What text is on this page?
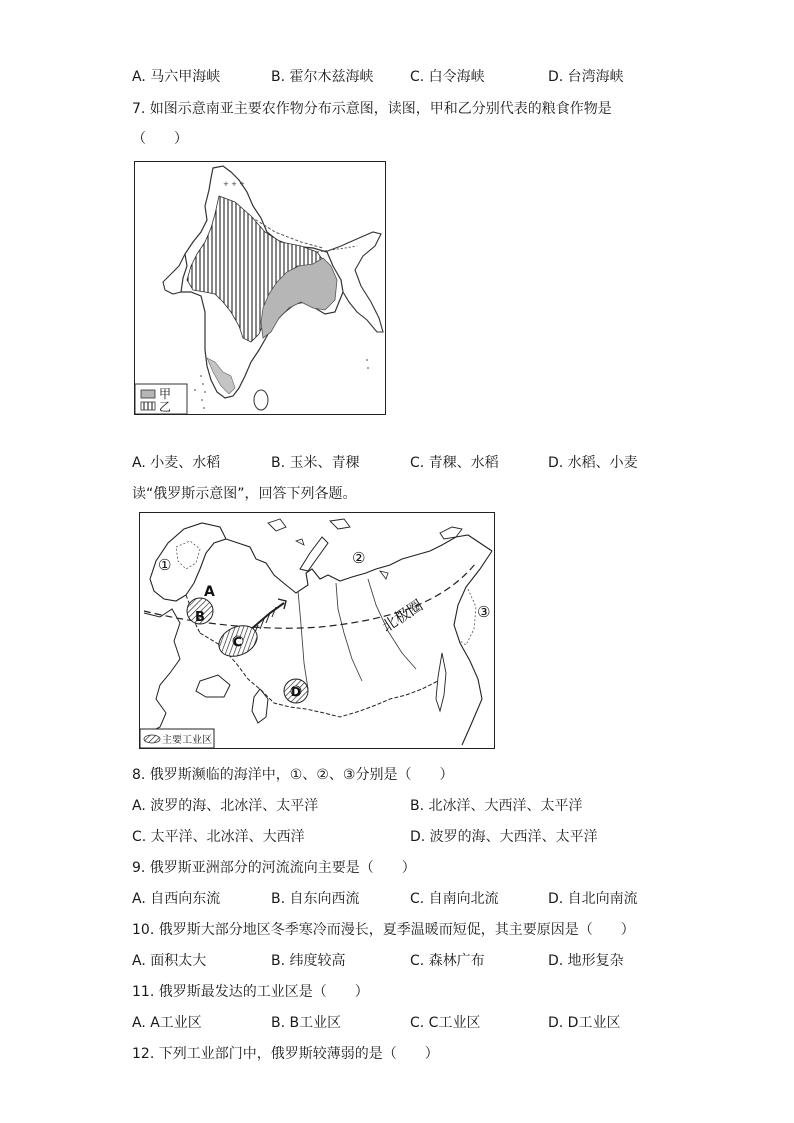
A. 马六甲海峡	B. 霍尔木兹海峡	C. 白令海峡	D. 台湾海峡
7. 如图示意南亚主要农作物分布示意图，读图，甲和乙分别代表的粮食作物是
（　　）
+ + +
甲
乙
A. 小麦、水稻	B. 玉米、青稞	C. 青稞、水稻	D. 水稻、小麦
读“俄罗斯示意图”，回答下列各题。
北极圈
①	②
③
A
B
C
D
主要工业区
8. 俄罗斯濒临的海洋中，①、②、③分别是（　　）
A. 波罗的海、北冰洋、太平洋	B. 北冰洋、大西洋、太平洋
C. 太平洋、北冰洋、大西洋	D. 波罗的海、大西洋、太平洋
9. 俄罗斯亚洲部分的河流流向主要是（　　）
A. 自西向东流	B. 自东向西流	C. 自南向北流	D. 自北向南流
10. 俄罗斯大部分地区冬季寒冷而漫长，夏季温暖而短促，其主要原因是（　　）
A. 面积太大	B. 纬度较高	C. 森林广布	D. 地形复杂
11. 俄罗斯最发达的工业区是（　　）
A. A工业区	B. B工业区	C. C工业区	D. D工业区
12. 下列工业部门中，俄罗斯较薄弱的是（　　）
